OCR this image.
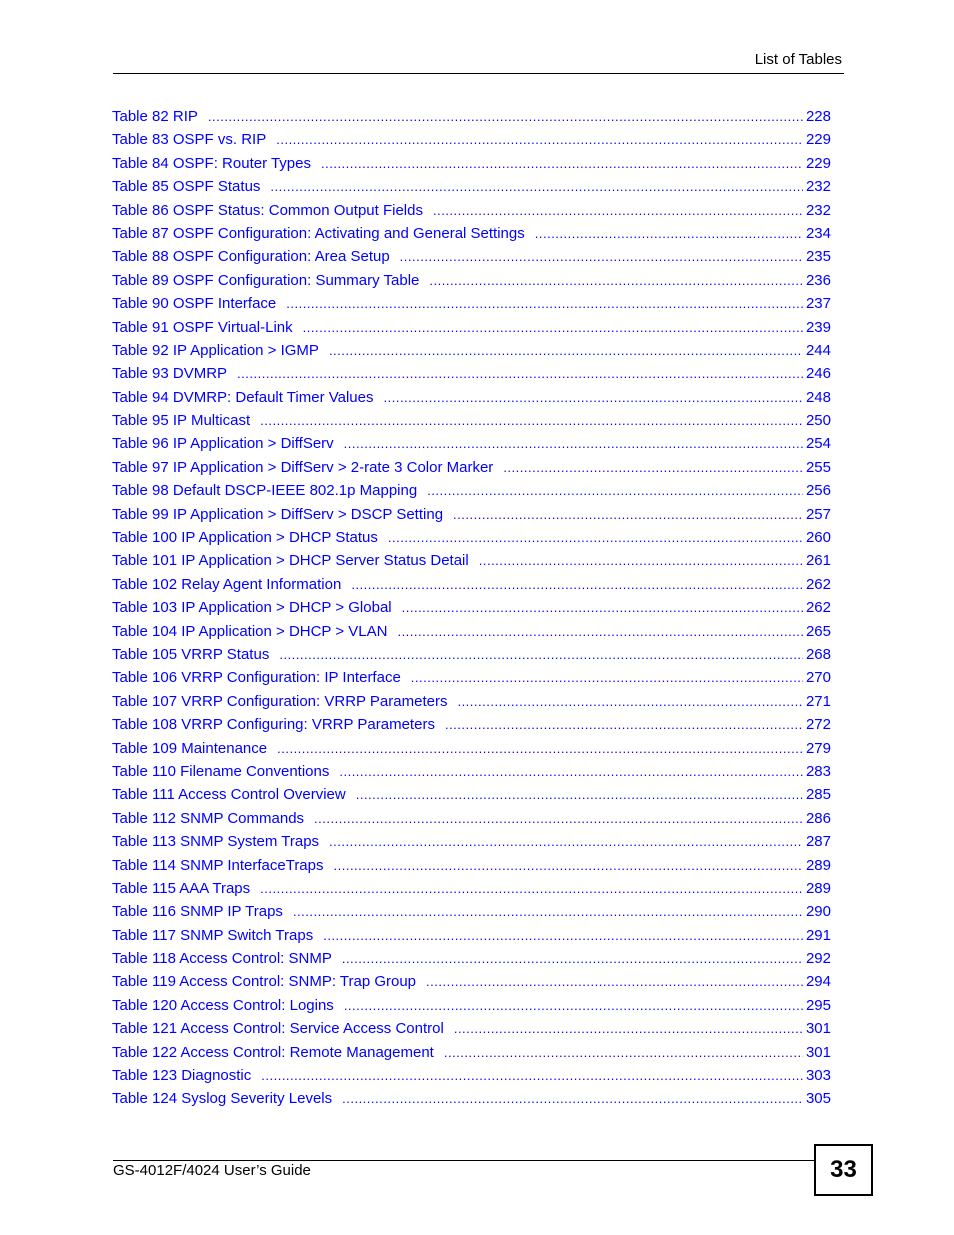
List of Tables
Table 82 RIP .....	228
Table 83 OSPF vs. RIP .....	229
Table 84 OSPF: Router Types .....	229
Table 85 OSPF Status .....	232
Table 86 OSPF Status: Common Output Fields .....	232
Table 87 OSPF Configuration: Activating and General Settings .....	234
Table 88 OSPF Configuration: Area Setup .....	235
Table 89 OSPF Configuration: Summary Table .....	236
Table 90 OSPF Interface .....	237
Table 91 OSPF Virtual-Link .....	239
Table 92 IP Application > IGMP .....	244
Table 93 DVMRP .....	246
Table 94 DVMRP: Default Timer Values .....	248
Table 95 IP Multicast .....	250
Table 96 IP Application > DiffServ .....	254
Table 97 IP Application > DiffServ > 2-rate 3 Color Marker .....	255
Table 98 Default DSCP-IEEE 802.1p Mapping .....	256
Table 99 IP Application > DiffServ > DSCP Setting .....	257
Table 100 IP Application > DHCP Status .....	260
Table 101 IP Application > DHCP Server Status Detail .....	261
Table 102 Relay Agent Information .....	262
Table 103 IP Application > DHCP > Global .....	262
Table 104 IP Application > DHCP > VLAN .....	265
Table 105 VRRP Status .....	268
Table 106 VRRP Configuration: IP Interface .....	270
Table 107 VRRP Configuration: VRRP Parameters .....	271
Table 108 VRRP Configuring: VRRP Parameters .....	272
Table 109 Maintenance .....	279
Table 110 Filename Conventions .....	283
Table 111 Access Control Overview .....	285
Table 112 SNMP Commands .....	286
Table 113 SNMP System Traps .....	287
Table 114 SNMP InterfaceTraps .....	289
Table 115 AAA Traps .....	289
Table 116 SNMP IP Traps .....	290
Table 117 SNMP Switch Traps .....	291
Table 118 Access Control: SNMP .....	292
Table 119 Access Control: SNMP: Trap Group .....	294
Table 120 Access Control: Logins .....	295
Table 121 Access Control: Service Access Control .....	301
Table 122 Access Control: Remote Management .....	301
Table 123 Diagnostic .....	303
Table 124 Syslog Severity Levels .....	305
GS-4012F/4024 User’s Guide	33
